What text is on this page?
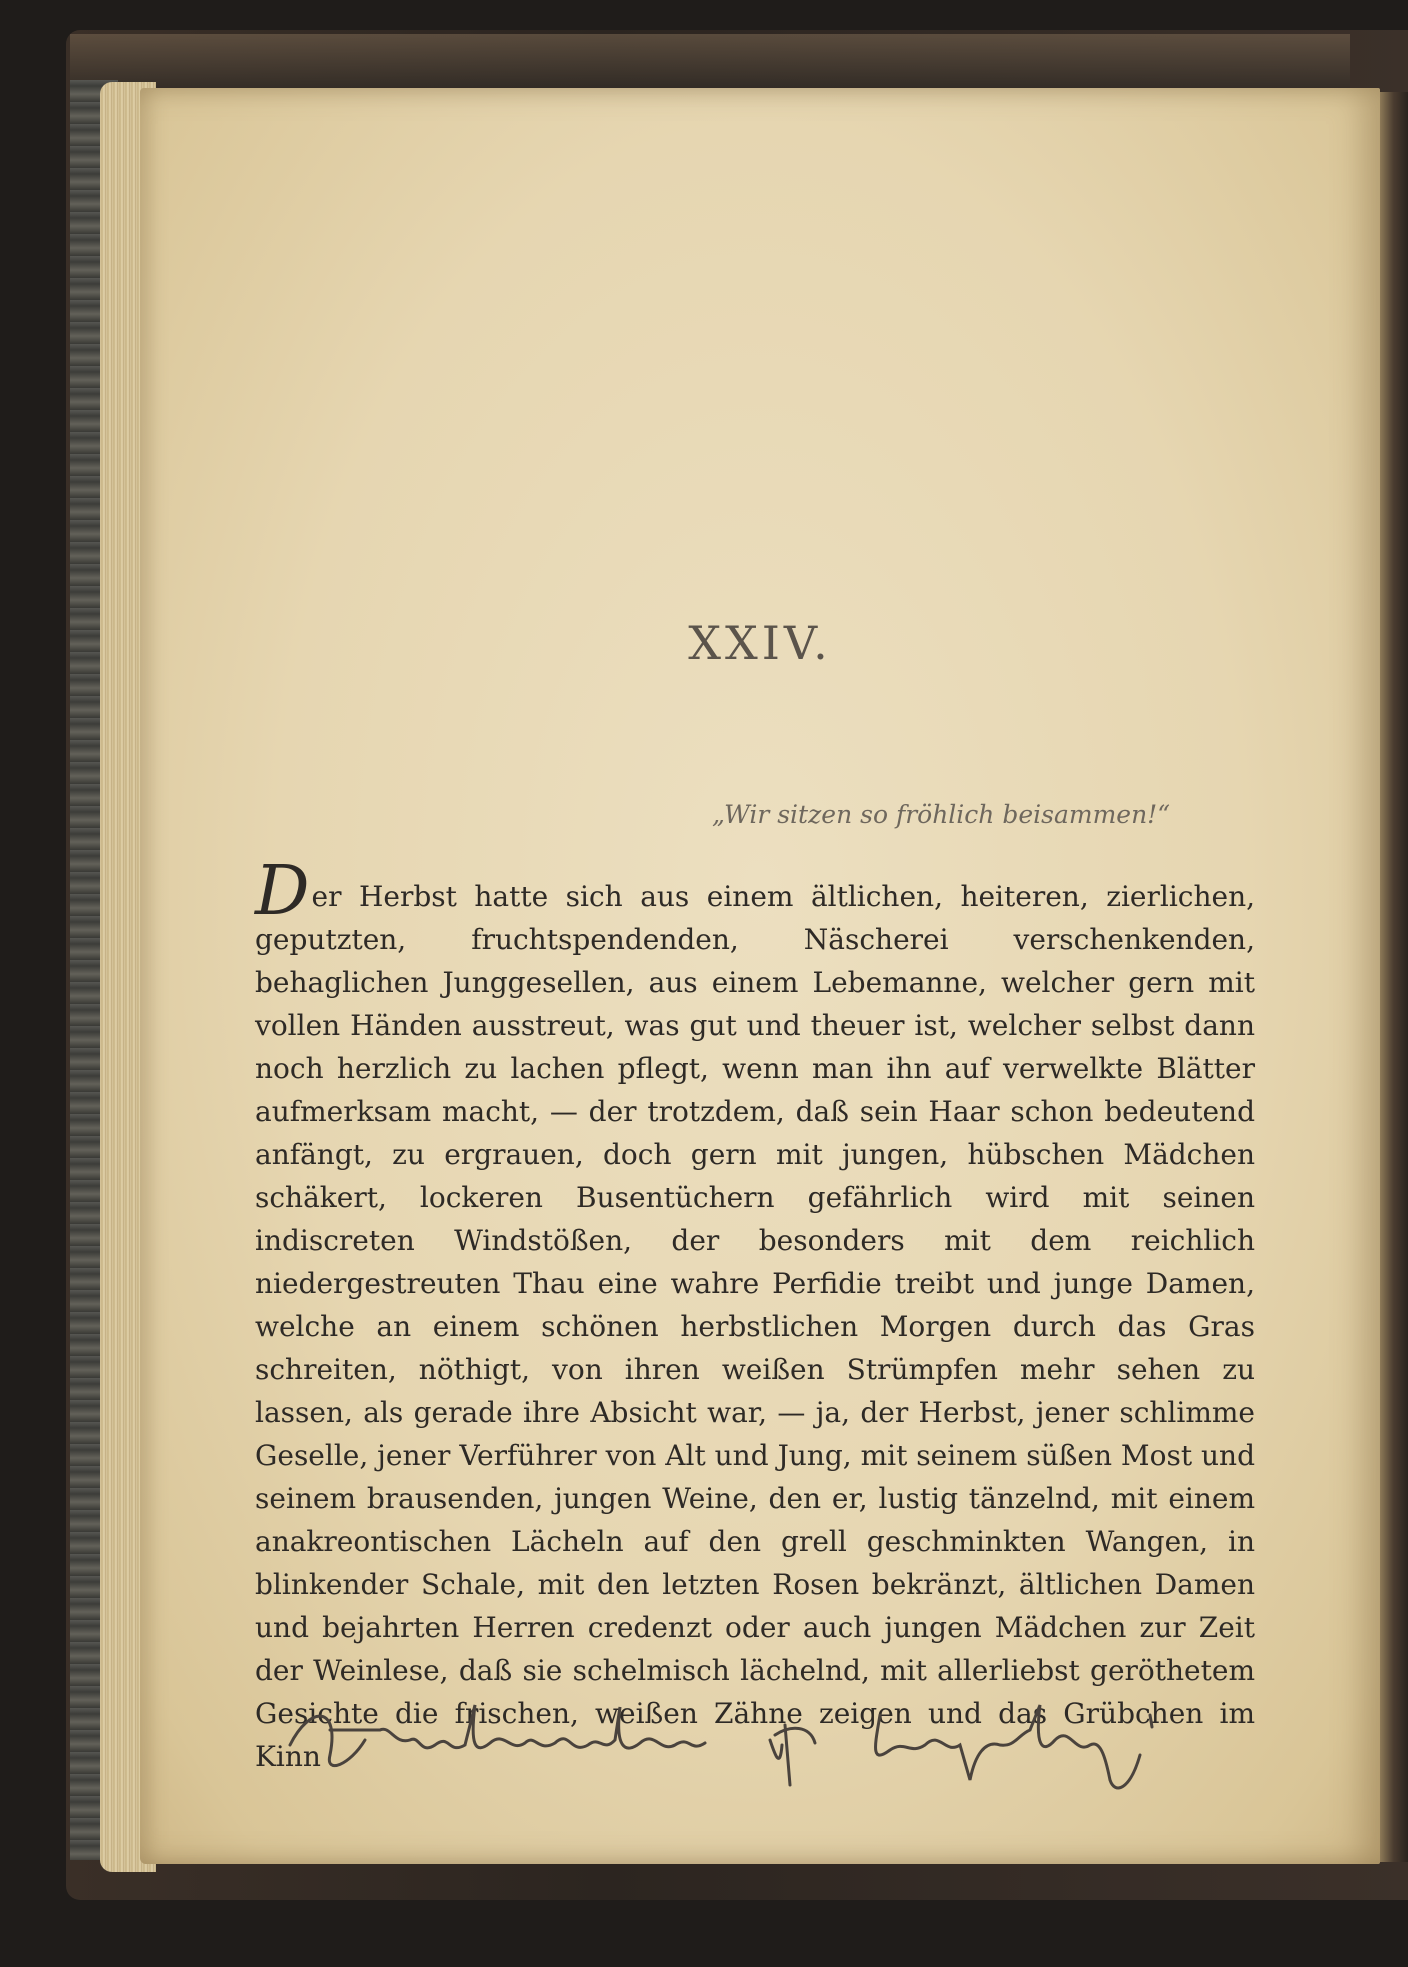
XXIV.
„Wir sitzen so fröhlich beisammen!“

Der Herbst hatte sich aus einem ältlichen, heiteren, zierlichen, geputzten, fruchtspendenden, Näscherei verschenkenden, behaglichen Junggesellen, aus einem Lebemanne, welcher gern mit vollen Händen ausstreut, was gut und theuer ist, welcher selbst dann noch herzlich zu lachen pflegt, wenn man ihn auf verwelkte Blätter aufmerksam macht, — der trotzdem, daß sein Haar schon bedeutend anfängt, zu ergrauen, doch gern mit jungen, hübschen Mädchen schäkert, lockeren Busentüchern gefährlich wird mit seinen indiscreten Windstößen, der besonders mit dem reichlich niedergestreuten Thau eine wahre Perfidie treibt und junge Damen, welche an einem schönen herbstlichen Morgen durch das Gras schreiten, nöthigt, von ihren weißen Strümpfen mehr sehen zu lassen, als gerade ihre Absicht war, — ja, der Herbst, jener schlimme Geselle, jener Verführer von Alt und Jung, mit seinem süßen Most und seinem brausenden, jungen Weine, den er, lustig tänzelnd, mit einem anakreontischen Lächeln auf den grell geschminkten Wangen, in blinkender Schale, mit den letzten Rosen bekränzt, ältlichen Damen und bejahrten Herren credenzt oder auch jungen Mädchen zur Zeit der Weinlese, daß sie schelmisch lächelnd, mit allerliebst geröthetem Gesichte die frischen, weißen Zähne zeigen und das Grübchen im Kinn
